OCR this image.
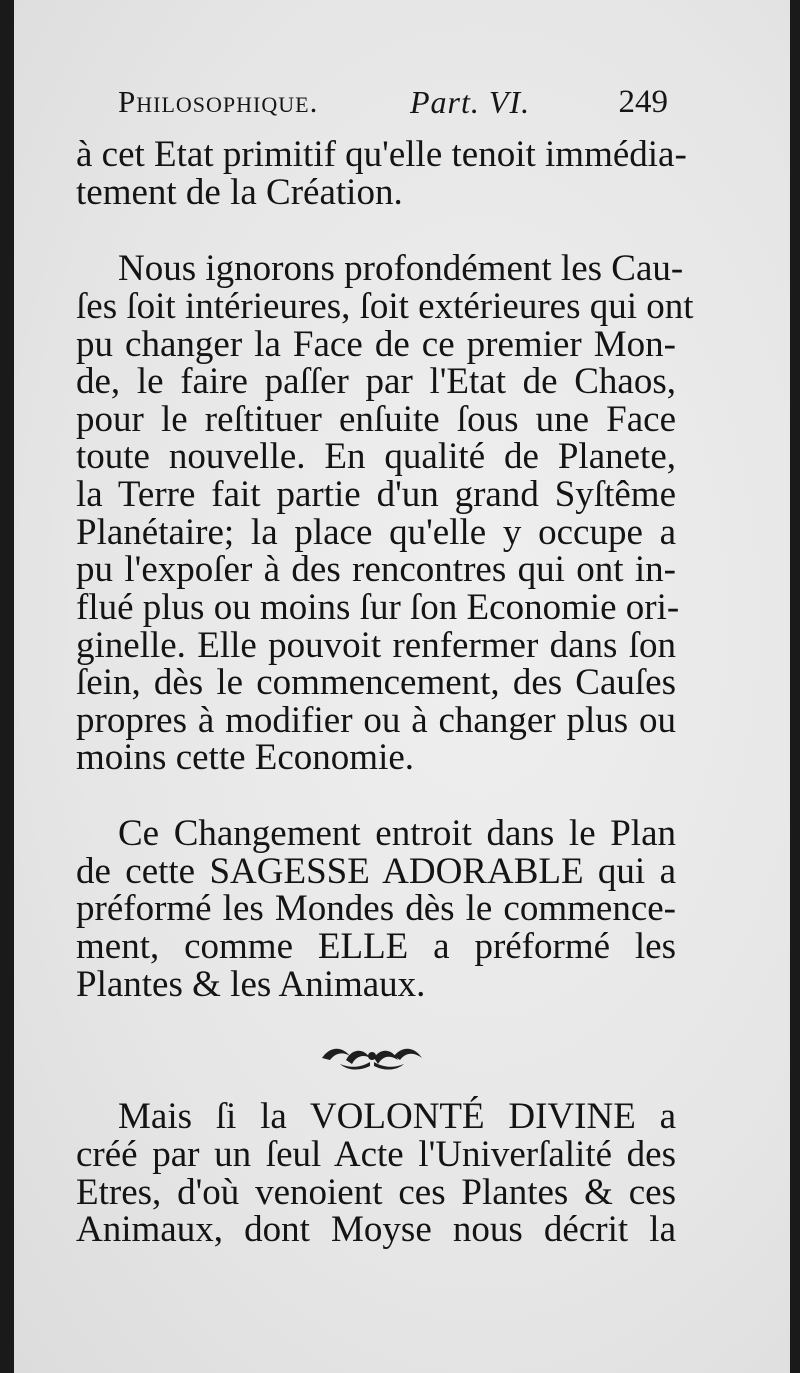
Philosophique.	Part. VI.	249
à cet Etat primitif qu'elle tenoit immédia-
tement de la Création.
Nous ignorons profondément les Cau-
ſes ſoit intérieures, ſoit extérieures qui ont
pu changer la Face de ce premier Mon-
de, le faire paſſer par l'Etat de Chaos,
pour le reſtituer enſuite ſous une Face
toute nouvelle. En qualité de Planete,
la Terre fait partie d'un grand Syſtême
Planétaire; la place qu'elle y occupe a
pu l'expoſer à des rencontres qui ont in-
flué plus ou moins ſur ſon Economie ori-
ginelle. Elle pouvoit renfermer dans ſon
ſein, dès le commencement, des Cauſes
propres à modifier ou à changer plus ou
moins cette Economie.
Ce Changement entroit dans le Plan
de cette SAGESSE ADORABLE qui a
préformé les Mondes dès le commence-
ment, comme ELLE a préformé les
Plantes & les Animaux.
Mais ſi la VOLONTÉ DIVINE a
créé par un ſeul Acte l'Univerſalité des
Etres, d'où venoient ces Plantes & ces
Animaux, dont Moyse nous décrit la
